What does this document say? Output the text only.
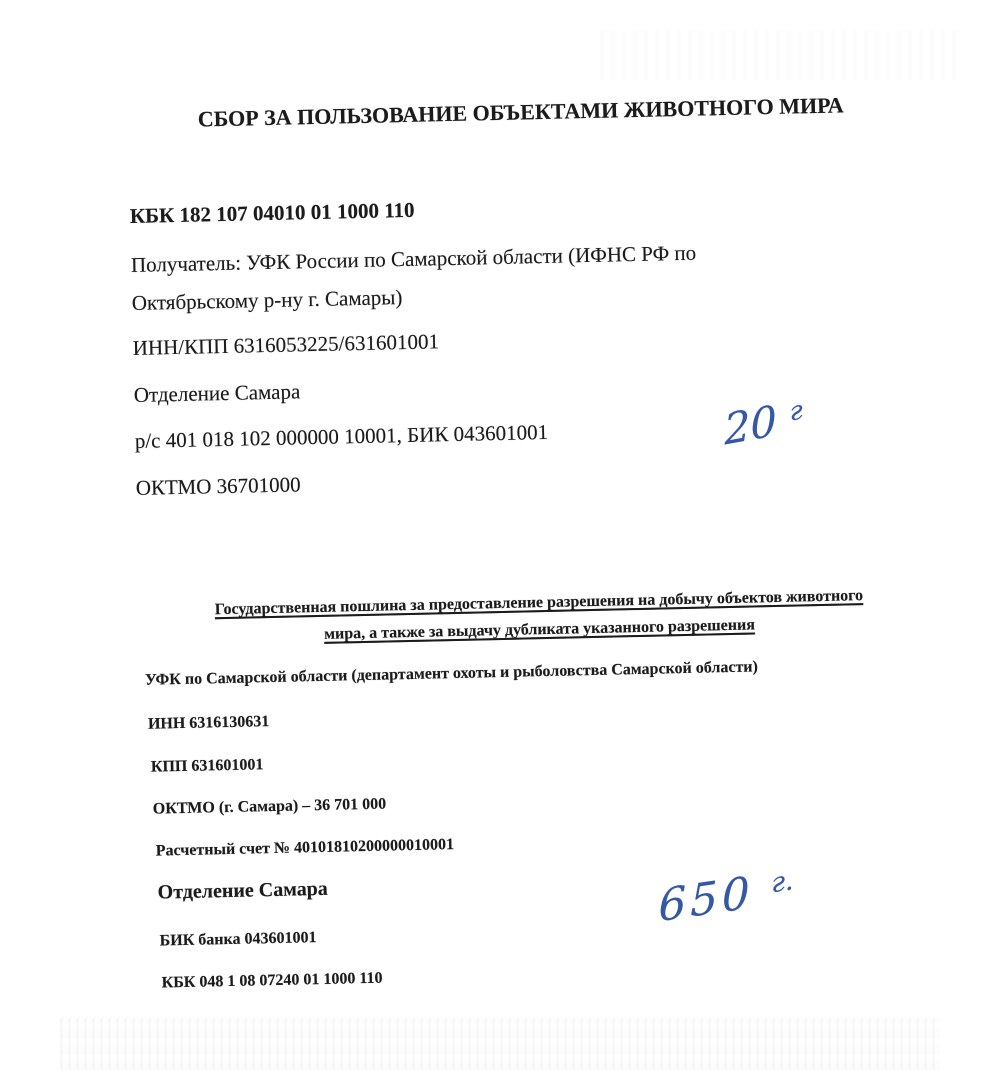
СБОР ЗА ПОЛЬЗОВАНИЕ ОБЪЕКТАМИ ЖИВОТНОГО МИРА
КБК 182 107 04010 01 1000 110
Получатель: УФК России по Самарской области (ИФНС РФ по
Октябрьскому р-ну г. Самары)
ИНН/КПП 6316053225/631601001
Отделение Самара
р/с 401 018 102 000000 10001, БИК 043601001
ОКТМО 36701000
20 $^г$
Государственная пошлина за предоставление разрешения на добычу объектов животного
мира, а также за выдачу дубликата указанного разрешения
УФК по Самарской области (департамент охоты и рыболовства Самарской области)
ИНН 6316130631
КПП 631601001
ОКТМО (г. Самара) – 36 701 000
Расчетный счет № 40101810200000010001
Отделение Самара
БИК банка 043601001
КБК 048 1 08 07240 01 1000 110
650 $^{г.}$
